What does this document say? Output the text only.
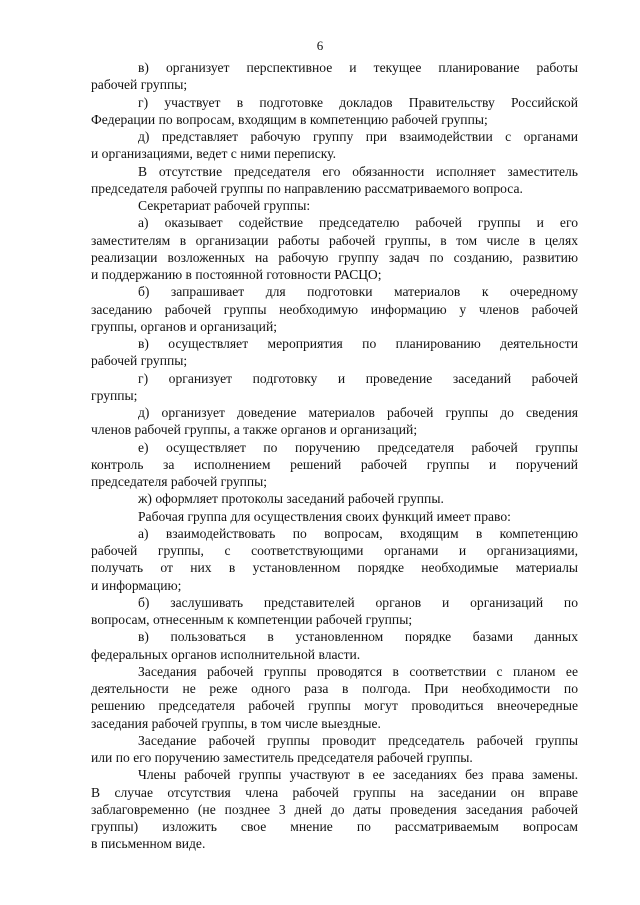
6
в) организует перспективное и текущее планирование работы
рабочей группы;
г) участвует в подготовке докладов Правительству Российской
Федерации по вопросам, входящим в компетенцию рабочей группы;
д) представляет рабочую группу при взаимодействии с органами
и организациями, ведет с ними переписку.
В отсутствие председателя его обязанности исполняет заместитель
председателя рабочей группы по направлению рассматриваемого вопроса.
Секретариат рабочей группы:
а) оказывает содействие председателю рабочей группы и его
заместителям в организации работы рабочей группы, в том числе в целях
реализации возложенных на рабочую группу задач по созданию, развитию
и поддержанию в постоянной готовности РАСЦО;
б) запрашивает для подготовки материалов к очередному
заседанию рабочей группы необходимую информацию у членов рабочей
группы, органов и организаций;
в) осуществляет мероприятия по планированию деятельности
рабочей группы;
г) организует подготовку и проведение заседаний рабочей
группы;
д) организует доведение материалов рабочей группы до сведения
членов рабочей группы, а также органов и организаций;
е) осуществляет по поручению председателя рабочей группы
контроль за исполнением решений рабочей группы и поручений
председателя рабочей группы;
ж) оформляет протоколы заседаний рабочей группы.
Рабочая группа для осуществления своих функций имеет право:
а) взаимодействовать по вопросам, входящим в компетенцию
рабочей группы, с соответствующими органами и организациями,
получать от них в установленном порядке необходимые материалы
и информацию;
б) заслушивать представителей органов и организаций по
вопросам, отнесенным к компетенции рабочей группы;
в) пользоваться в установленном порядке базами данных
федеральных органов исполнительной власти.
Заседания рабочей группы проводятся в соответствии с планом ее
деятельности не реже одного раза в полгода. При необходимости по
решению председателя рабочей группы могут проводиться внеочередные
заседания рабочей группы, в том числе выездные.
Заседание рабочей группы проводит председатель рабочей группы
или по его поручению заместитель председателя рабочей группы.
Члены рабочей группы участвуют в ее заседаниях без права замены.
В случае отсутствия члена рабочей группы на заседании он вправе
заблаговременно (не позднее 3 дней до даты проведения заседания рабочей
группы) изложить свое мнение по рассматриваемым вопросам
в письменном виде.
